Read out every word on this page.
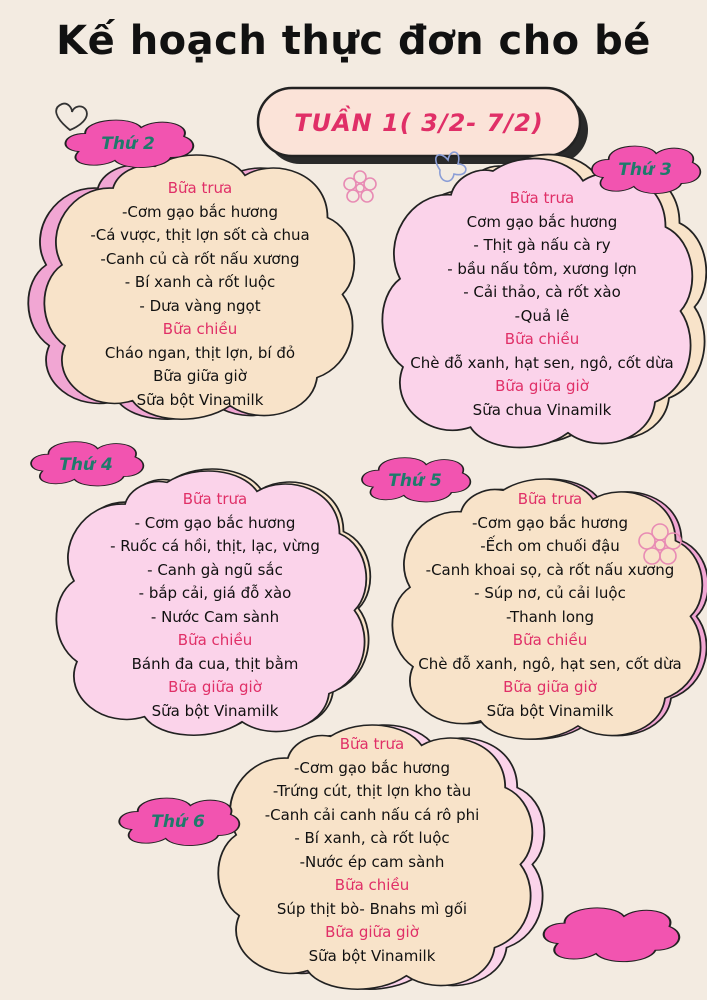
Kế hoạch thực đơn cho bé
TUẦN 1( 3/2- 7/2)
Thứ 2
Thứ 3
Thứ 4
Thứ 5
Thứ 6
Bữa trưa
-Cơm gạo bắc hương
-Cá vược, thịt lợn sốt cà chua
-Canh củ cà rốt nấu xương
- Bí xanh cà rốt luộc
- Dưa vàng ngọt
Bữa chiều
Cháo ngan, thịt lợn, bí đỏ
Bữa giữa giờ
Sữa bột Vinamilk
Bữa trưa
Cơm gạo bắc hương
- Thịt gà nấu cà ry
- bầu nấu tôm, xương lợn
- Cải thảo, cà rốt xào
-Quả lê
Bữa chiều
Chè đỗ xanh, hạt sen, ngô, cốt dừa
Bữa giữa giờ
Sữa chua Vinamilk
Bữa trưa
- Cơm gạo bắc hương
- Ruốc cá hồi, thịt, lạc, vừng
- Canh gà ngũ sắc
- bắp cải, giá đỗ xào
- Nước Cam sành
Bữa chiều
Bánh đa cua, thịt bằm
Bữa giữa giờ
Sữa bột Vinamilk
Bữa trưa
-Cơm gạo bắc hương
-Ếch om chuối đậu
-Canh khoai sọ, cà rốt nấu xương
- Súp nơ, củ cải luộc
-Thanh long
Bữa chiều
Chè đỗ xanh, ngô, hạt sen, cốt dừa
Bữa giữa giờ
Sữa bột Vinamilk
Bữa trưa
-Cơm gạo bắc hương
-Trứng cút, thịt lợn kho tàu
-Canh cải canh nấu cá rô phi
- Bí xanh, cà rốt luộc
-Nước ép cam sành
Bữa chiều
Súp thịt bò- Bnahs mì gối
Bữa giữa giờ
Sữa bột Vinamilk
